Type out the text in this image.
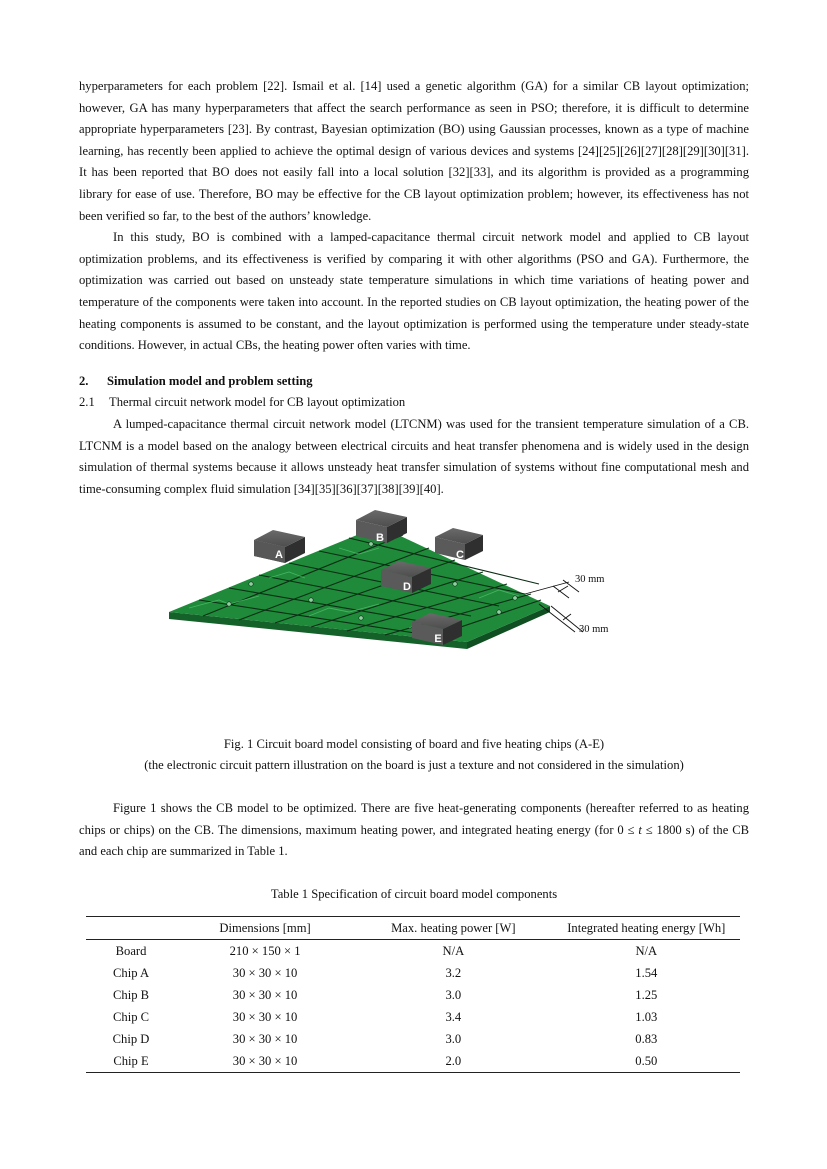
hyperparameters for each problem [22]. Ismail et al. [14] used a genetic algorithm (GA) for a similar CB layout optimization; however, GA has many hyperparameters that affect the search performance as seen in PSO; therefore, it is difficult to determine appropriate hyperparameters [23]. By contrast, Bayesian optimization (BO) using Gaussian processes, known as a type of machine learning, has recently been applied to achieve the optimal design of various devices and systems [24][25][26][27][28][29][30][31]. It has been reported that BO does not easily fall into a local solution [32][33], and its algorithm is provided as a programming library for ease of use. Therefore, BO may be effective for the CB layout optimization problem; however, its effectiveness has not been verified so far, to the best of the authors’ knowledge.

In this study, BO is combined with a lamped-capacitance thermal circuit network model and applied to CB layout optimization problems, and its effectiveness is verified by comparing it with other algorithms (PSO and GA). Furthermore, the optimization was carried out based on unsteady state temperature simulations in which time variations of heating power and temperature of the components were taken into account. In the reported studies on CB layout optimization, the heating power of the heating components is assumed to be constant, and the layout optimization is performed using the temperature under steady-state conditions. However, in actual CBs, the heating power often varies with time.

2. Simulation model and problem setting
2.1 Thermal circuit network model for CB layout optimization

A lumped-capacitance thermal circuit network model (LTCNM) was used for the transient temperature simulation of a CB. LTCNM is a model based on the analogy between electrical circuits and heat transfer phenomena and is widely used in the design simulation of thermal systems because it allows unsteady heat transfer simulation of systems without fine computational mesh and time-consuming complex fluid simulation [34][35][36][37][38][39][40].

A
B
C
D
E
30 mm
30 mm
Fig. 1 Circuit board model consisting of board and five heating chips (A-E)
(the electronic circuit pattern illustration on the board is just a texture and not considered in the simulation)

Figure 1 shows the CB model to be optimized. There are five heat-generating components (hereafter referred to as heating chips or chips) on the CB. The dimensions, maximum heating power, and integrated heating energy (for 0 ≤ t ≤ 1800 s) of the CB and each chip are summarized in Table 1.

Table 1 Specification of circuit board model components
	Dimensions [mm]	Max. heating power [W]	Integrated heating energy [Wh]
Board	210 × 150 × 1	N/A	N/A
Chip A	30 × 30 × 10	3.2	1.54
Chip B	30 × 30 × 10	3.0	1.25
Chip C	30 × 30 × 10	3.4	1.03
Chip D	30 × 30 × 10	3.0	0.83
Chip E	30 × 30 × 10	2.0	0.50
